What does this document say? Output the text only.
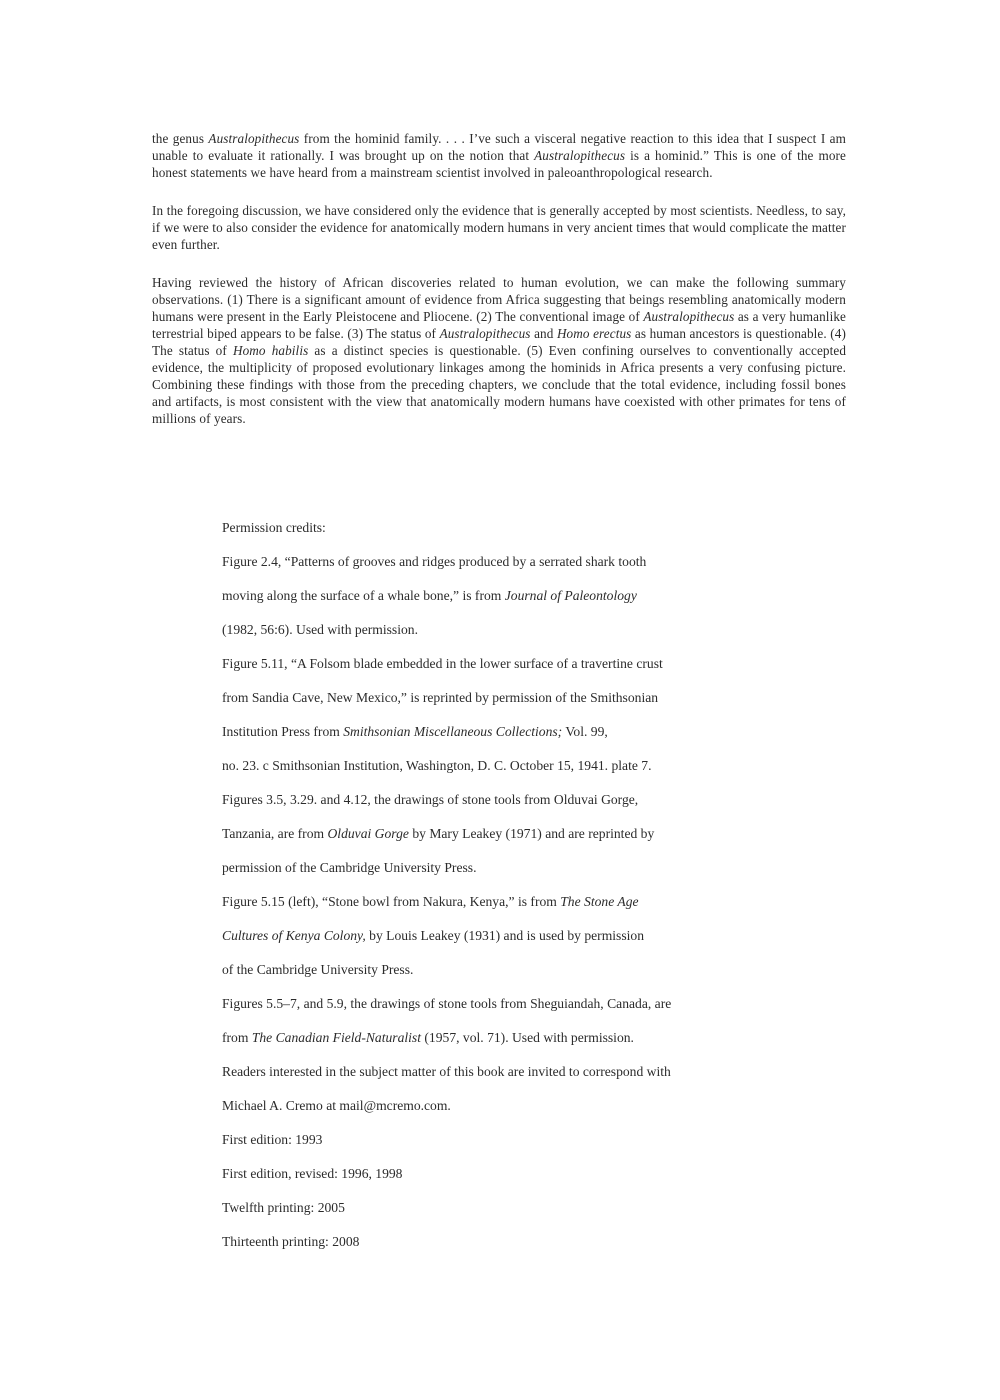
the genus Australopithecus from the hominid family. . . . I’ve such a visceral negative reaction to this idea that I suspect I am unable to evaluate it rationally. I was brought up on the notion that Australopithecus is a hominid.” This is one of the more honest statements we have heard from a mainstream scientist involved in paleoanthropological research.

In the foregoing discussion, we have considered only the evidence that is generally accepted by most scientists. Needless, to say, if we were to also consider the evidence for anatomically modern humans in very ancient times that would complicate the matter even further.

Having reviewed the history of African discoveries related to human evolution, we can make the following summary observations. (1) There is a significant amount of evidence from Africa suggesting that beings resembling anatomically modern humans were present in the Early Pleistocene and Pliocene. (2) The conventional image of Australopithecus as a very humanlike terrestrial biped appears to be false. (3) The status of Australopithecus and Homo erectus as human ancestors is questionable. (4) The status of Homo habilis as a distinct species is questionable. (5) Even confining ourselves to conventionally accepted evidence, the multiplicity of proposed evolutionary linkages among the hominids in Africa presents a very confusing picture. Combining these findings with those from the preceding chapters, we conclude that the total evidence, including fossil bones and artifacts, is most consistent with the view that anatomically modern humans have coexisted with other primates for tens of millions of years.

Permission credits:
Figure 2.4, “Patterns of grooves and ridges produced by a serrated shark tooth
moving along the surface of a whale bone,” is from Journal of Paleontology
(1982, 56:6). Used with permission.
Figure 5.11, “A Folsom blade embedded in the lower surface of a travertine crust
from Sandia Cave, New Mexico,” is reprinted by permission of the Smithsonian
Institution Press from Smithsonian Miscellaneous Collections; Vol. 99,
no. 23. c Smithsonian Institution, Washington, D. C. October 15, 1941. plate 7.
Figures 3.5, 3.29. and 4.12, the drawings of stone tools from Olduvai Gorge,
Tanzania, are from Olduvai Gorge by Mary Leakey (1971) and are reprinted by
permission of the Cambridge University Press.
Figure 5.15 (left), “Stone bowl from Nakura, Kenya,” is from The Stone Age
Cultures of Kenya Colony, by Louis Leakey (1931) and is used by permission
of the Cambridge University Press.
Figures 5.5–7, and 5.9, the drawings of stone tools from Sheguiandah, Canada, are
from The Canadian Field-Naturalist (1957, vol. 71). Used with permission.
Readers interested in the subject matter of this book are invited to correspond with
Michael A. Cremo at mail@mcremo.com.
First edition: 1993
First edition, revised: 1996, 1998
Twelfth printing: 2005
Thirteenth printing: 2008
